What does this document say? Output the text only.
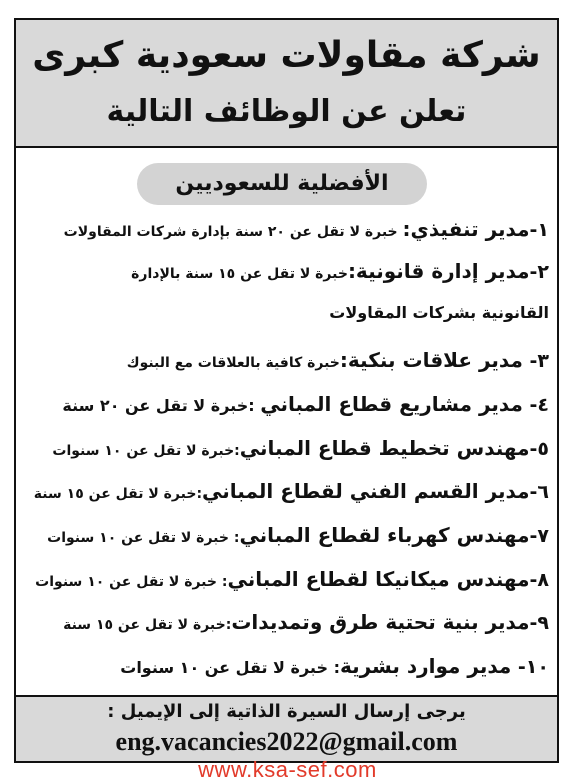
شركة مقاولات سعودية كبرى
تعلن عن الوظائف التالية
الأفضلية للسعوديين
١-مدير تنفيذي: خبرة لا تقل عن ٢٠ سنة بإدارة شركات المقاولات
٢-مدير إدارة قانونية:خبرة لا تقل عن ١٥ سنة بالإدارة
القانونية بشركات المقاولات
٣- مدير علاقات بنكية:خبرة كافية بالعلاقات مع البنوك
٤- مدير مشاريع قطاع المباني :خبرة لا تقل عن ٢٠ سنة
٥-مهندس تخطيط قطاع المباني:خبرة لا تقل عن ١٠ سنوات
٦-مدير القسم الفني لقطاع المباني:خبرة لا تقل عن ١٥ سنة
٧-مهندس كهرباء لقطاع المباني: خبرة لا تقل عن ١٠ سنوات
٨-مهندس ميكانيكا لقطاع المباني: خبرة لا تقل عن ١٠ سنوات
٩-مدير بنية تحتية طرق وتمديدات:خبرة لا تقل عن ١٥ سنة
١٠- مدير موارد بشرية: خبرة لا تقل عن ١٠ سنوات
يرجى إرسال السيرة الذاتية إلى الإيميل :
eng.vacancies2022@gmail.com
www.ksa-sef.com
